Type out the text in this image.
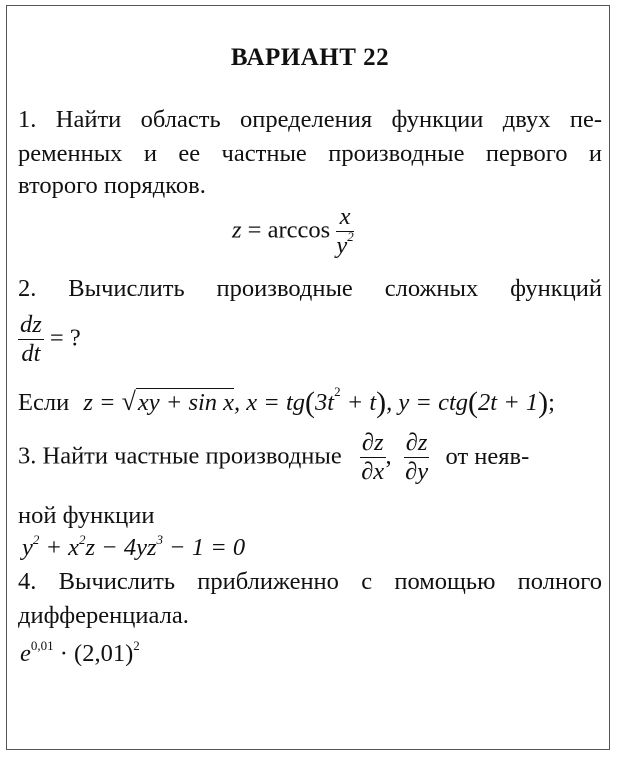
ВАРИАНТ 22
1. Найти область определения функции двух пе-
ременных и ее частные производные первого и
второго порядков.
$z = \arccos \frac{x}{y^2}$
2. Вычислить производные сложных функций
$\frac{dz}{dt}$ = ?
Если z = √xy + sin x, $x = tg(3t^2 + t)$, y = ctg(2t + 1);
3. Найти частные производные $\frac{\partial z}{\partial x}$ , $\frac{\partial z}{\partial y}$ от неяв-
ной функции
$y^2 + x^2z - 4yz^3 - 1 = 0$
4. Вычислить приближенно с помощью полного
дифференциала.
$e^{0,01} \cdot (2,01)^2$
